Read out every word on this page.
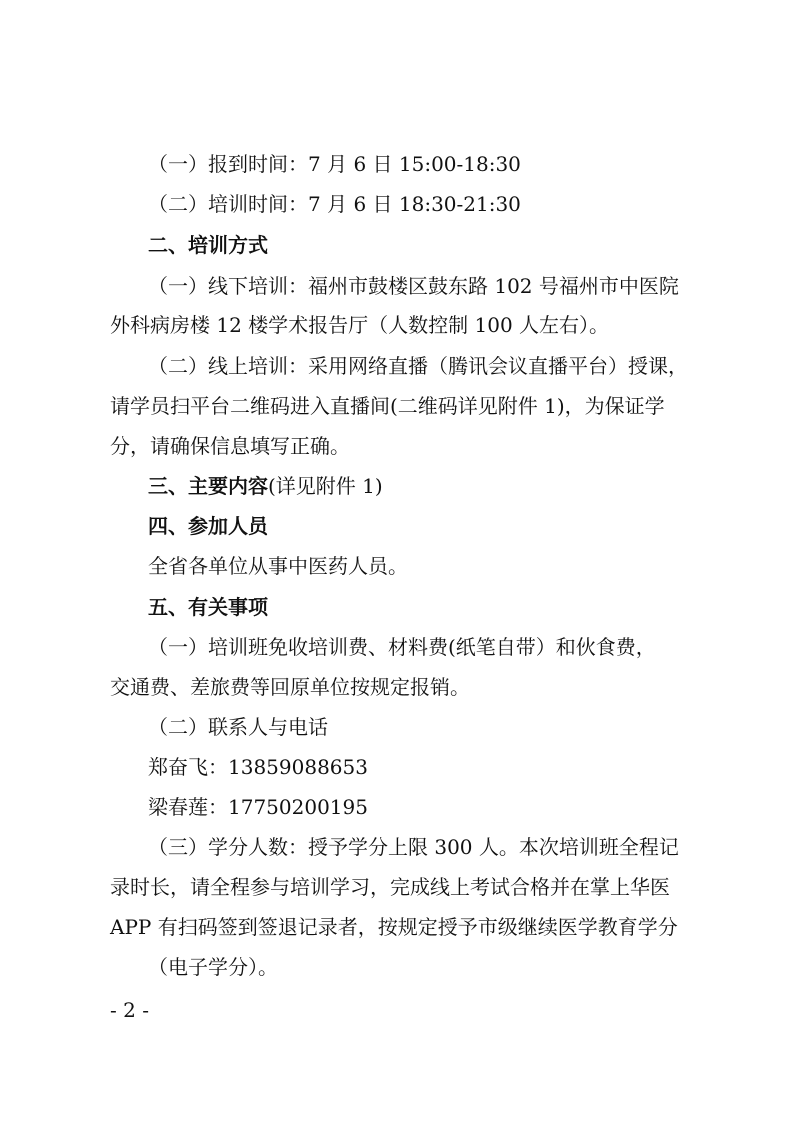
（一）报到时间：7 月 6 日 15:00-18:30
（二）培训时间：7 月 6 日 18:30-21:30
二、培训方式
（一）线下培训：福州市鼓楼区鼓东路 102 号福州市中医院
外科病房楼 12 楼学术报告厅（人数控制 100 人左右）。
（二）线上培训：采用网络直播（腾讯会议直播平台）授课，
请学员扫平台二维码进入直播间(二维码详见附件 1)，为保证学
分，请确保信息填写正确。
三、主要内容(详见附件 1)
四、参加人员
全省各单位从事中医药人员。
五、有关事项
（一）培训班免收培训费、材料费(纸笔自带）和伙食费，
交通费、差旅费等回原单位按规定报销。
（二）联系人与电话
郑奋飞：13859088653
梁春莲：17750200195
（三）学分人数：授予学分上限 300 人。本次培训班全程记
录时长，请全程参与培训学习，完成线上考试合格并在掌上华医
APP 有扫码签到签退记录者，按规定授予市级继续医学教育学分
（电子学分）。
- 2 -
